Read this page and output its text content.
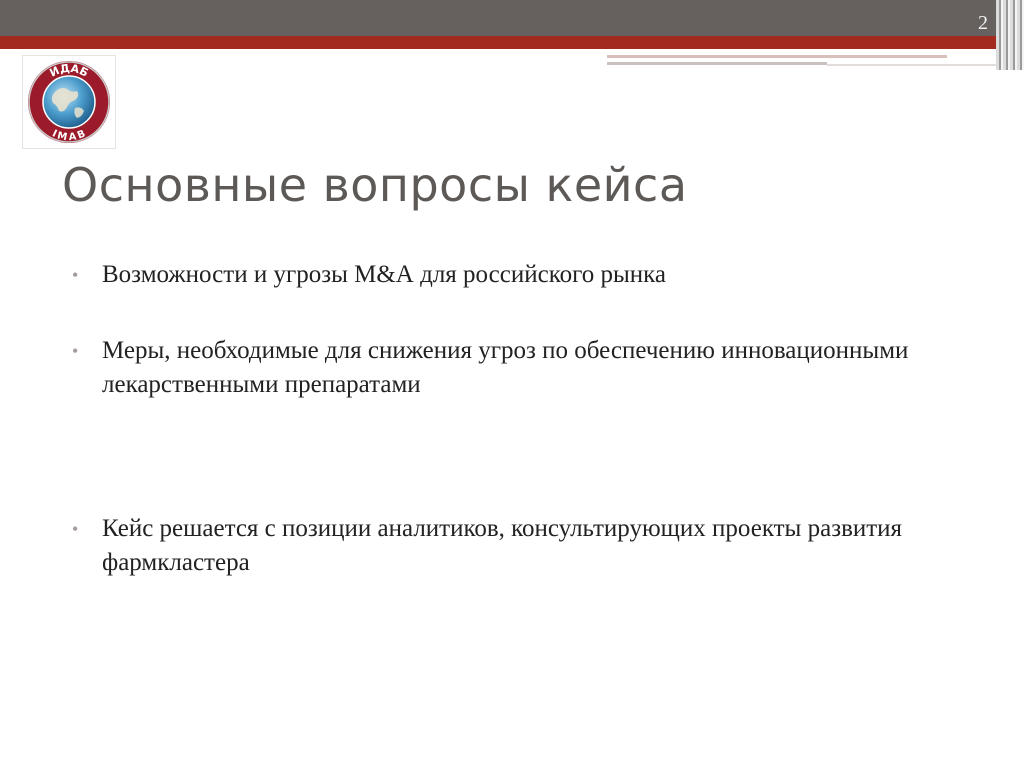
2
ИДАБ
IMAB
Основные вопросы кейса
• Возможности и угрозы М&А для российского рынка
• Меры, необходимые для снижения угроз по обеспечению инновационными лекарственными препаратами
• Кейс решается с позиции аналитиков, консультирующих проекты развития фармкластера
